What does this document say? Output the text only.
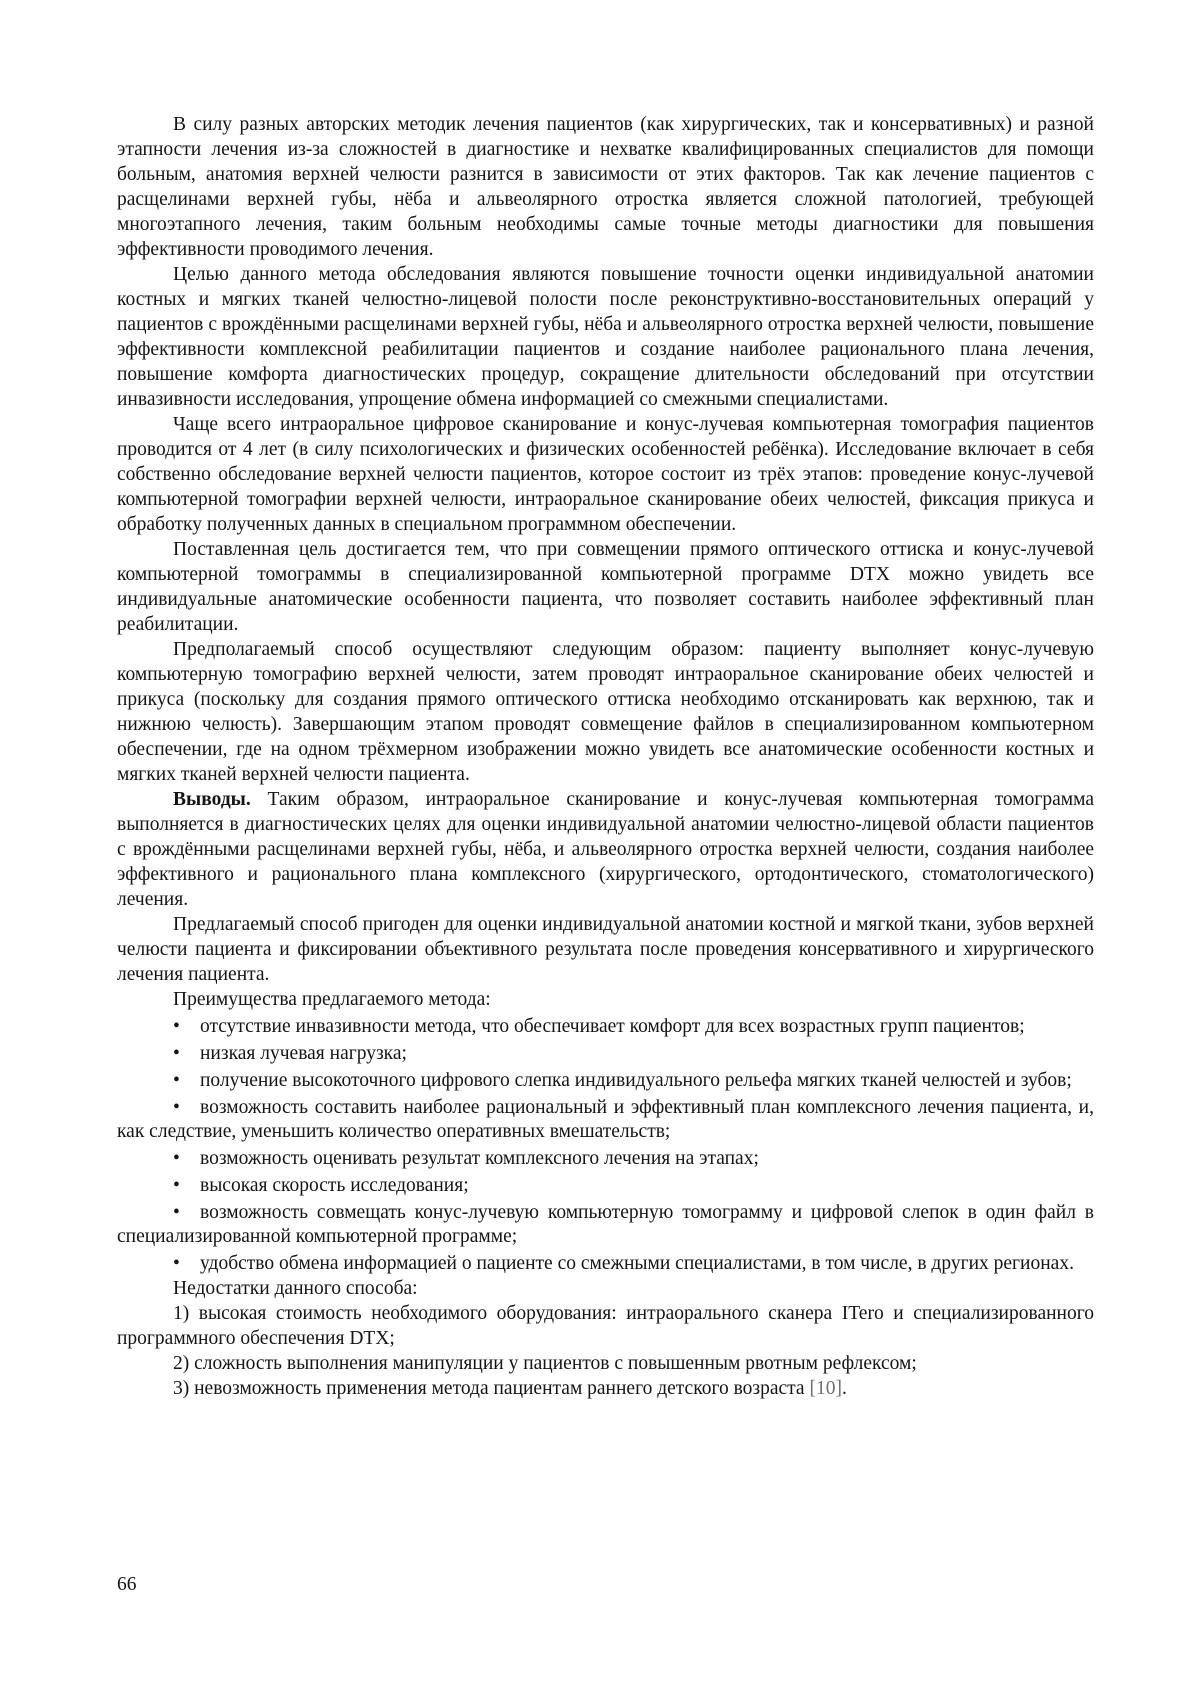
В силу разных авторских методик лечения пациентов (как хирургических, так и консервативных) и разной этапности лечения из-за сложностей в диагностике и нехватке квалифицированных специалистов для помощи больным, анатомия верхней челюсти разнится в зависимости от этих факторов. Так как лечение пациентов с расщелинами верхней губы, нёба и альвеолярного отростка является сложной патологией, требующей многоэтапного лечения, таким больным необходимы самые точные методы диагностики для повышения эффективности проводимого лечения.

Целью данного метода обследования являются повышение точности оценки индивидуальной анатомии костных и мягких тканей челюстно-лицевой полости после реконструктивно-восстановительных операций у пациентов с врождёнными расщелинами верхней губы, нёба и альвеолярного отростка верхней челюсти, повышение эффективности комплексной реабилитации пациентов и создание наиболее рационального плана лечения, повышение комфорта диагностических процедур, сокращение длительности обследований при отсутствии инвазивности исследования, упрощение обмена информацией со смежными специалистами.

Чаще всего интраоральное цифровое сканирование и конус-лучевая компьютерная томография пациентов проводится от 4 лет (в силу психологических и физических особенностей ребёнка). Исследование включает в себя собственно обследование верхней челюсти пациентов, которое состоит из трёх этапов: проведение конус-лучевой компьютерной томографии верхней челюсти, интраоральное сканирование обеих челюстей, фиксация прикуса и обработку полученных данных в специальном программном обеспечении.

Поставленная цель достигается тем, что при совмещении прямого оптического оттиска и конус-лучевой компьютерной томограммы в специализированной компьютерной программе DTX можно увидеть все индивидуальные анатомические особенности пациента, что позволяет составить наиболее эффективный план реабилитации.

Предполагаемый способ осуществляют следующим образом: пациенту выполняет конус-лучевую компьютерную томографию верхней челюсти, затем проводят интраоральное сканирование обеих челюстей и прикуса (поскольку для создания прямого оптического оттиска необходимо отсканировать как верхнюю, так и нижнюю челюсть). Завершающим этапом проводят совмещение файлов в специализированном компьютерном обеспечении, где на одном трёхмерном изображении можно увидеть все анатомические особенности костных и мягких тканей верхней челюсти пациента.

Выводы. Таким образом, интраоральное сканирование и конус-лучевая компьютерная томограмма выполняется в диагностических целях для оценки индивидуальной анатомии челюстно-лицевой области пациентов с врождёнными расщелинами верхней губы, нёба, и альвеолярного отростка верхней челюсти, создания наиболее эффективного и рационального плана комплексного (хирургического, ортодонтического, стоматологического) лечения.

Предлагаемый способ пригоден для оценки индивидуальной анатомии костной и мягкой ткани, зубов верхней челюсти пациента и фиксировании объективного результата после проведения консервативного и хирургического лечения пациента.

Преимущества предлагаемого метода:

• отсутствие инвазивности метода, что обеспечивает комфорт для всех возрастных групп пациентов;

• низкая лучевая нагрузка;

• получение высокоточного цифрового слепка индивидуального рельефа мягких тканей челюстей и зубов;

• возможность составить наиболее рациональный и эффективный план комплексного лечения пациента, и, как следствие, уменьшить количество оперативных вмешательств;

• возможность оценивать результат комплексного лечения на этапах;

• высокая скорость исследования;

• возможность совмещать конус-лучевую компьютерную томограмму и цифровой слепок в один файл в специализированной компьютерной программе;

• удобство обмена информацией о пациенте со смежными специалистами, в том числе, в других регионах.

Недостатки данного способа:

1) высокая стоимость необходимого оборудования: интраорального сканера ITero и специализированного программного обеспечения DTX;

2) сложность выполнения манипуляции у пациентов с повышенным рвотным рефлексом;

3) невозможность применения метода пациентам раннего детского возраста [10].

66
